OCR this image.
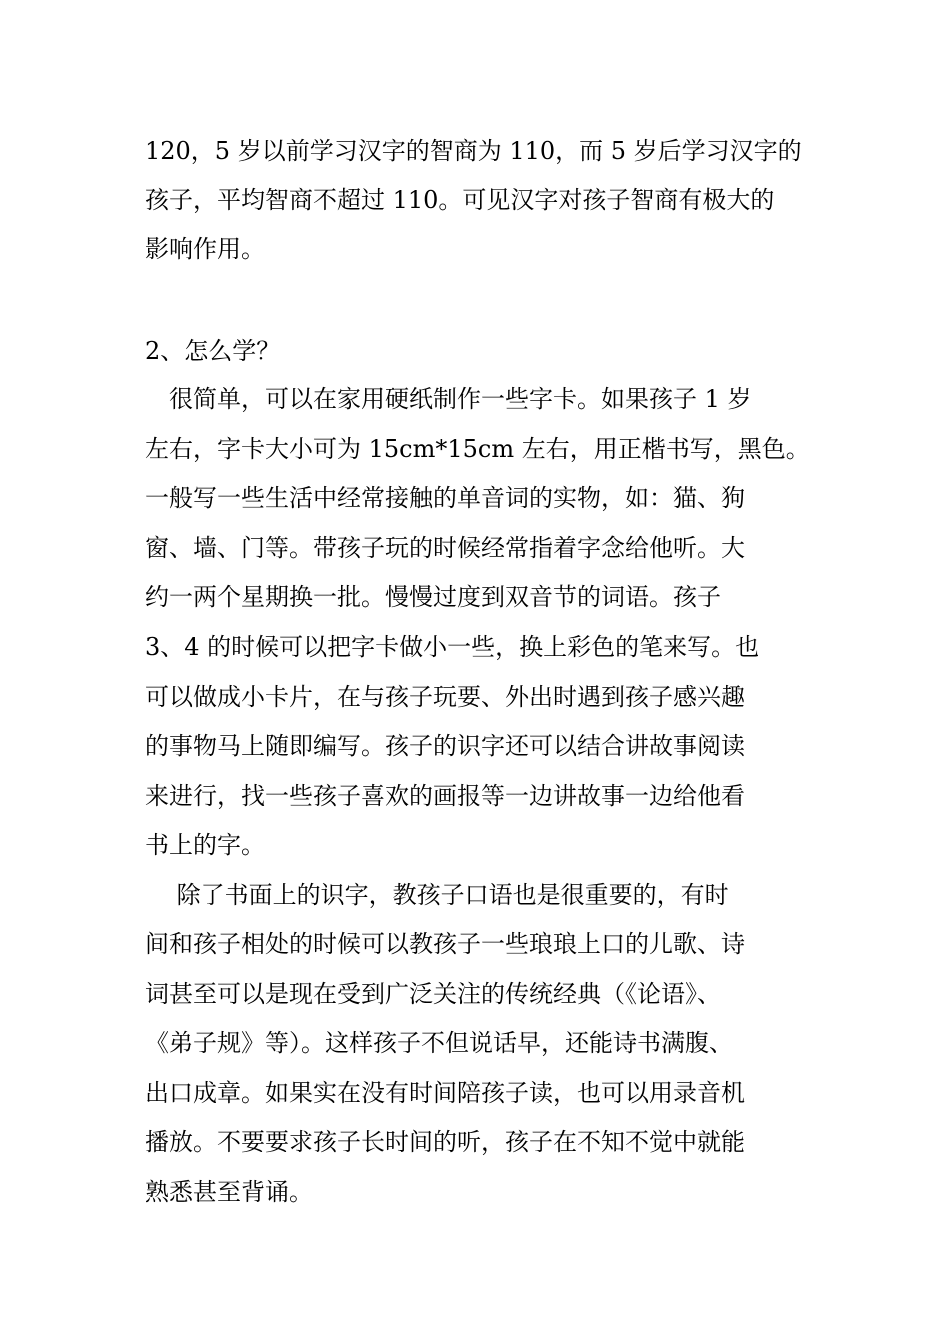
120，5 岁以前学习汉字的智商为 110，而 5 岁后学习汉字的

孩子，平均智商不超过 110。可见汉字对孩子智商有极大的

影响作用。

2、怎么学？

　很简单，可以在家用硬纸制作一些字卡。如果孩子 1 岁

左右，字卡大小可为 15cm*15cm 左右，用正楷书写，黑色。

一般写一些生活中经常接触的单音词的实物，如：猫、狗

窗、墙、门等。带孩子玩的时候经常指着字念给他听。大

约一两个星期换一批。慢慢过度到双音节的词语。孩子

3、4 的时候可以把字卡做小一些，换上彩色的笔来写。也

可以做成小卡片，在与孩子玩要、外出时遇到孩子感兴趣

的事物马上随即编写。孩子的识字还可以结合讲故事阅读

来进行，找一些孩子喜欢的画报等一边讲故事一边给他看

书上的字。

　 除了书面上的识字，教孩子口语也是很重要的，有时

间和孩子相处的时候可以教孩子一些琅琅上口的儿歌、诗

词甚至可以是现在受到广泛关注的传统经典（《论语》、

《弟子规》等）。这样孩子不但说话早，还能诗书满腹、

出口成章。如果实在没有时间陪孩子读，也可以用录音机

播放。不要要求孩子长时间的听，孩子在不知不觉中就能

熟悉甚至背诵。
